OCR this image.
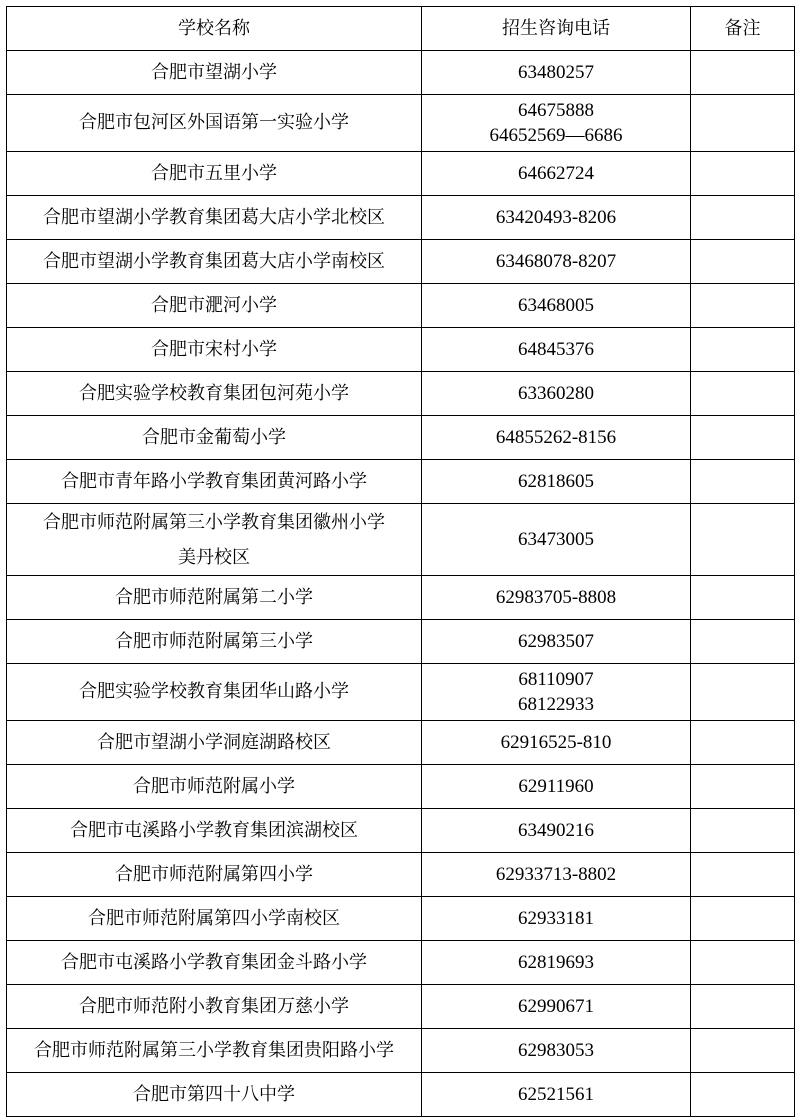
学校名称	招生咨询电话	备注
合肥市望湖小学	63480257	
合肥市包河区外国语第一实验小学	64675888
64652569—6686	

合肥市五里小学	64662724	
合肥市望湖小学教育集团葛大店小学北校区	63420493-8206	
合肥市望湖小学教育集团葛大店小学南校区	63468078-8207	
合肥市淝河小学	63468005	
合肥市宋村小学	64845376	
合肥实验学校教育集团包河苑小学	63360280	
合肥市金葡萄小学	64855262-8156	
合肥市青年路小学教育集团黄河路小学	62818605	

合肥市师范附属第三小学教育集团徽州小学
美丹校区	63473005	
合肥市师范附属第二小学	62983705-8808	
合肥市师范附属第三小学	62983507	
合肥实验学校教育集团华山路小学	68110907
68122933	

合肥市望湖小学洞庭湖路校区	62916525-810	
合肥市师范附属小学	62911960	
合肥市屯溪路小学教育集团滨湖校区	63490216	
合肥市师范附属第四小学	62933713-8802	
合肥市师范附属第四小学南校区	62933181	
合肥市屯溪路小学教育集团金斗路小学	62819693	
合肥市师范附小教育集团万慈小学	62990671	
合肥市师范附属第三小学教育集团贵阳路小学	62983053	
合肥市第四十八中学	62521561	
